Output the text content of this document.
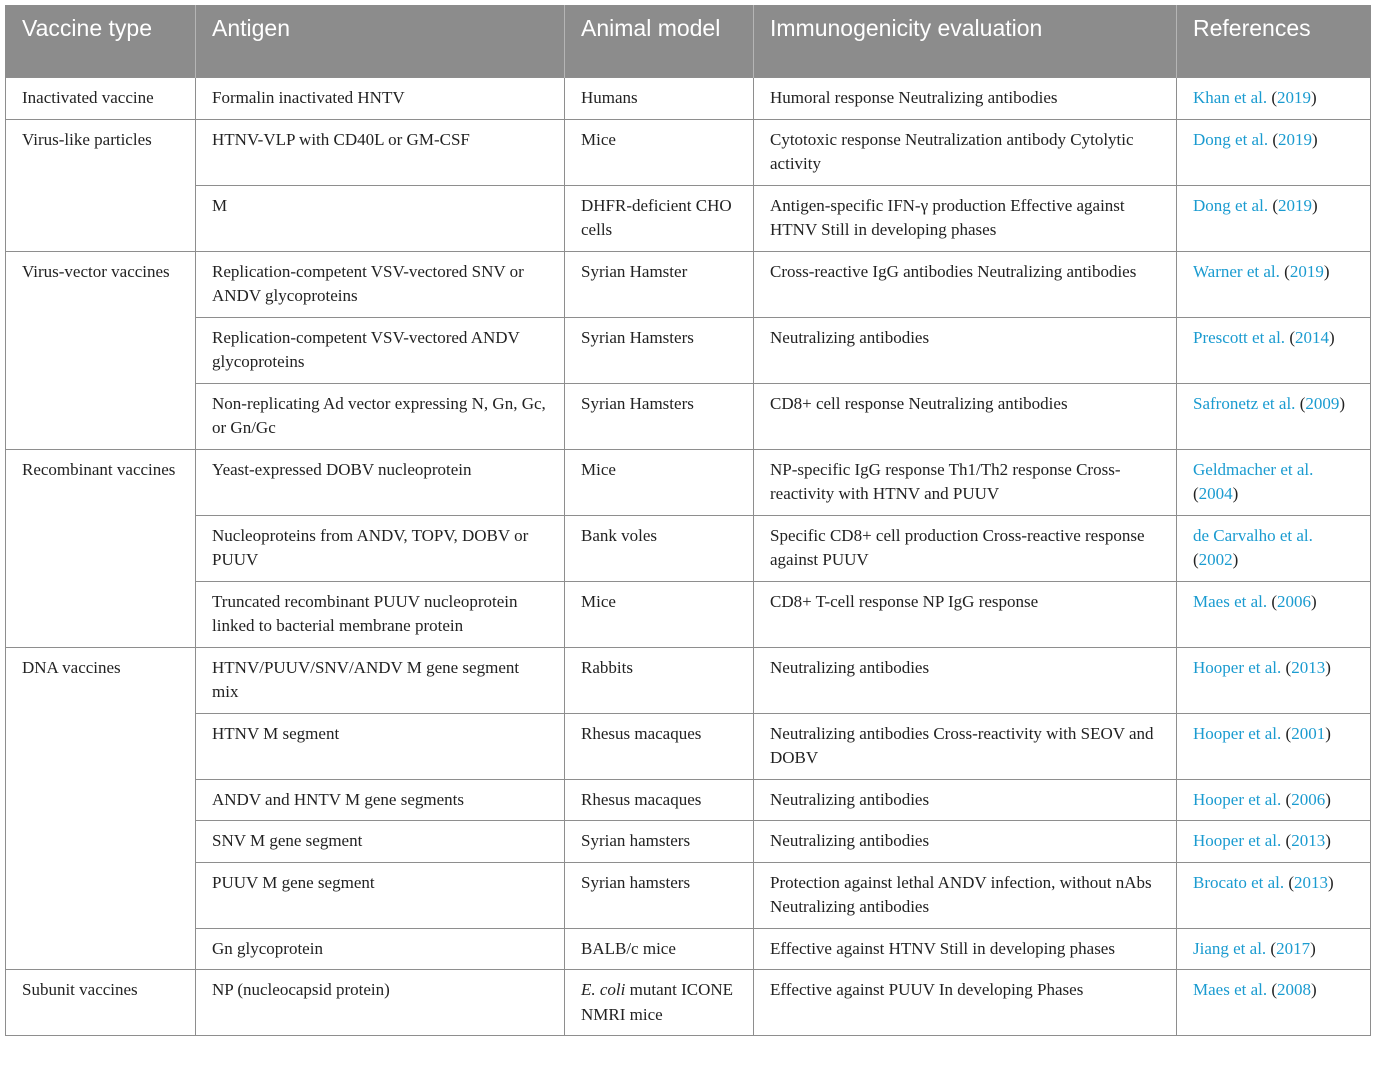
Vaccine type	Antigen	Animal model	Immunogenicity evaluation	References
Inactivated vaccine	Formalin inactivated HNTV	Humans	Humoral response Neutralizing antibodies	Khan et al. (2019)
Virus-like particles	HTNV-VLP with CD40L or GM-CSF	Mice	Cytotoxic response Neutralization antibody Cytolytic activity	Dong et al. (2019)
	M	DHFR-deficient CHO cells	Antigen-specific IFN-γ production Effective against HTNV Still in developing phases	Dong et al. (2019)
Virus-vector vaccines	Replication-competent VSV-vectored SNV or ANDV glycoproteins	Syrian Hamster	Cross-reactive IgG antibodies Neutralizing antibodies	Warner et al. (2019)
	Replication-competent VSV-vectored ANDV glycoproteins	Syrian Hamsters	Neutralizing antibodies	Prescott et al. (2014)
	Non-replicating Ad vector expressing N, Gn, Gc, or Gn/Gc	Syrian Hamsters	CD8+ cell response Neutralizing antibodies	Safronetz et al. (2009)
Recombinant vaccines	Yeast-expressed DOBV nucleoprotein	Mice	NP-specific IgG response Th1/Th2 response Cross-reactivity with HTNV and PUUV	Geldmacher et al. (2004)
	Nucleoproteins from ANDV, TOPV, DOBV or PUUV	Bank voles	Specific CD8+ cell production Cross-reactive response against PUUV	de Carvalho et al. (2002)
	Truncated recombinant PUUV nucleoprotein linked to bacterial membrane protein	Mice	CD8+ T-cell response NP IgG response	Maes et al. (2006)
DNA vaccines	HTNV/PUUV/SNV/ANDV M gene segment mix	Rabbits	Neutralizing antibodies	Hooper et al. (2013)
	HTNV M segment	Rhesus macaques	Neutralizing antibodies Cross-reactivity with SEOV and DOBV	Hooper et al. (2001)
	ANDV and HNTV M gene segments	Rhesus macaques	Neutralizing antibodies	Hooper et al. (2006)
	SNV M gene segment	Syrian hamsters	Neutralizing antibodies	Hooper et al. (2013)
	PUUV M gene segment	Syrian hamsters	Protection against lethal ANDV infection, without nAbs Neutralizing antibodies	Brocato et al. (2013)
	Gn glycoprotein	BALB/c mice	Effective against HTNV Still in developing phases	Jiang et al. (2017)
Subunit vaccines	NP (nucleocapsid protein)	E. coli mutant ICONE NMRI mice	Effective against PUUV In developing Phases	Maes et al. (2008)
